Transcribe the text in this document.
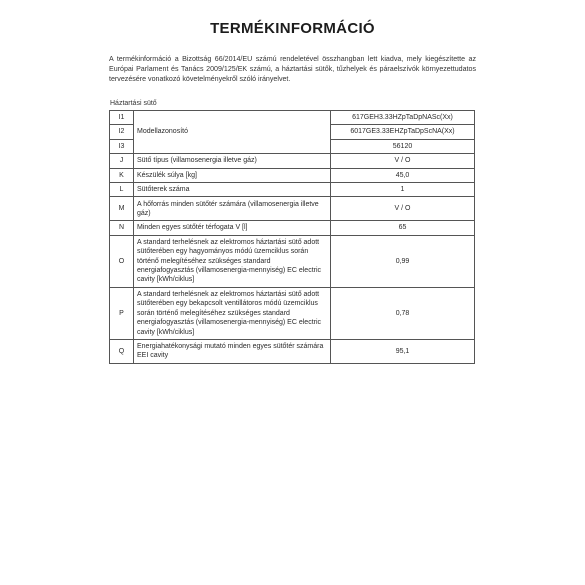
TERMÉKINFORMÁCIÓ
A termékinformáció a Bizottság 66/2014/EU számú rendeletével összhangban lett kiadva, mely kiegészítette az Európai Parlament és Tanács 2009/125/EK számú, a háztartási sütők, tűzhelyek és páraelszívók környezettudatos tervezésére vonatkozó követelményekről szóló irányelvet.
Háztartási sütő
I1	Modellazonosító	617GEH3.33HZpTaDpNASc(Xx)
I2		6017GE3.33EHZpTaDpScNA(Xx)
I3		56120
J	Sütő típus (villamosenergia illetve gáz)	V / O
K	Készülék súlya [kg]	45,0
L	Sütőterek száma	1
M	A hőforrás minden sütőtér számára (villamosenergia illetve gáz)	V / O
N	Minden egyes sütőtér térfogata V [l]	65
O	A standard terhelésnek az elektromos háztartási sütő adott sütőterében egy hagyományos módú üzemciklus során történő melegítéséhez szükséges standard energiafogyasztás (villamosenergia-mennyiség) EC electric cavity [kWh/ciklus]	0,99
P	A standard terhelésnek az elektromos háztartási sütő adott sütőterében egy bekapcsolt ventillátoros módú üzemciklus során történő melegítéséhez szükséges standard energiafogyasztás (villamosenergia-mennyiség) EC electric cavity [kWh/ciklus]	0,78
Q	Energiahatékonysági mutató minden egyes sütőtér számára EEI cavity	95,1
